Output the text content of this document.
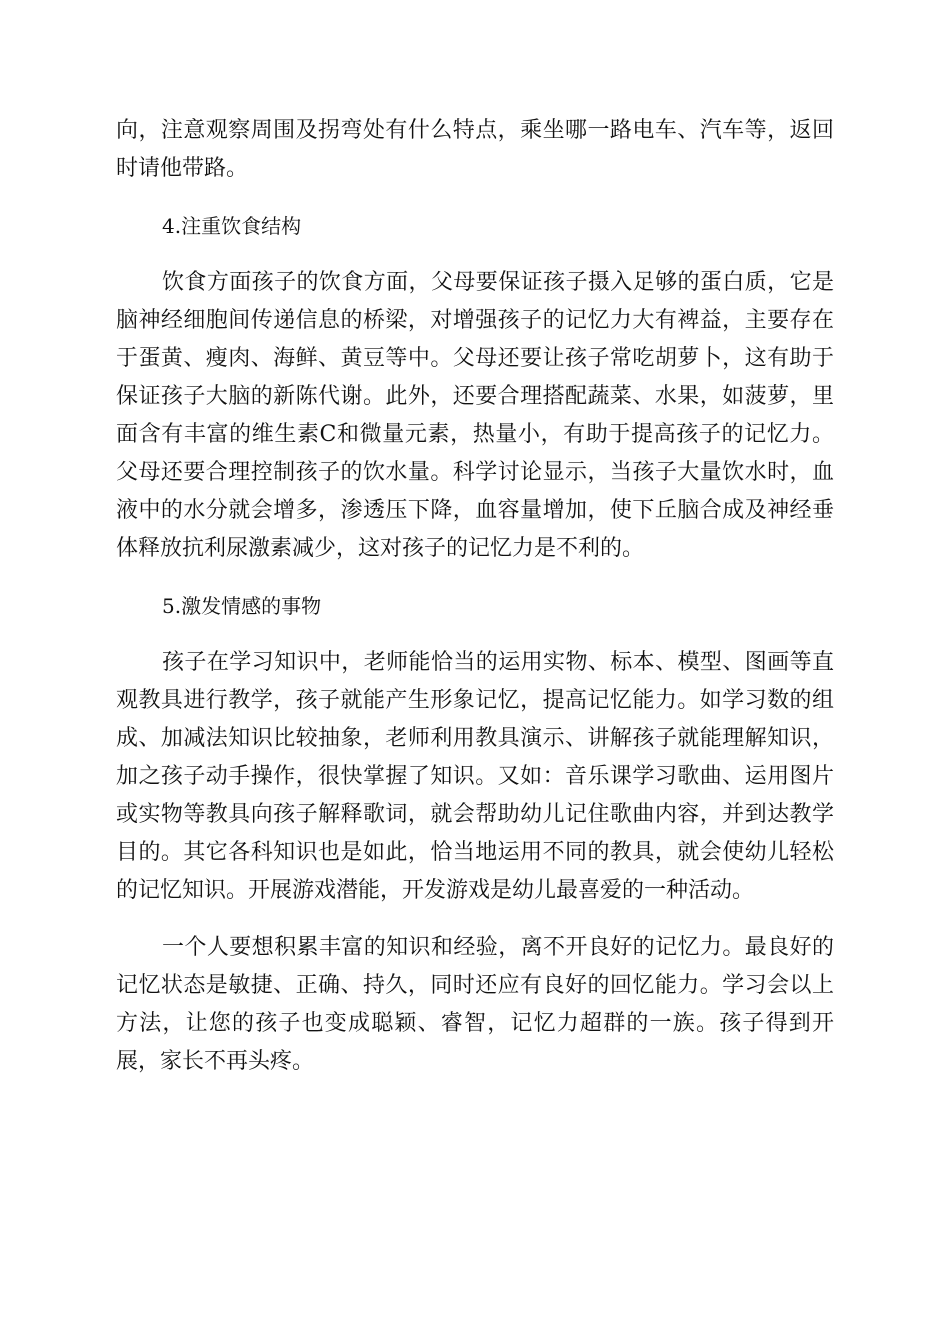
向，注意观察周围及拐弯处有什么特点，乘坐哪一路电车、汽车等，返回时请他带路。

4.注重饮食结构

饮食方面孩子的饮食方面，父母要保证孩子摄入足够的蛋白质，它是脑神经细胞间传递信息的桥梁，对增强孩子的记忆力大有裨益，主要存在于蛋黄、瘦肉、海鲜、黄豆等中。父母还要让孩子常吃胡萝卜，这有助于保证孩子大脑的新陈代谢。此外，还要合理搭配蔬菜、水果，如菠萝，里面含有丰富的维生素C和微量元素，热量小，有助于提高孩子的记忆力。父母还要合理控制孩子的饮水量。科学讨论显示，当孩子大量饮水时，血液中的水分就会增多，渗透压下降，血容量增加，使下丘脑合成及神经垂体释放抗利尿激素减少，这对孩子的记忆力是不利的。

5.激发情感的事物

孩子在学习知识中，老师能恰当的运用实物、标本、模型、图画等直观教具进行教学，孩子就能产生形象记忆，提高记忆能力。如学习数的组成、加减法知识比较抽象，老师利用教具演示、讲解孩子就能理解知识，加之孩子动手操作，很快掌握了知识。又如：音乐课学习歌曲、运用图片或实物等教具向孩子解释歌词，就会帮助幼儿记住歌曲内容，并到达教学目的。其它各科知识也是如此，恰当地运用不同的教具，就会使幼儿轻松的记忆知识。开展游戏潜能，开发游戏是幼儿最喜爱的一种活动。

一个人要想积累丰富的知识和经验，离不开良好的记忆力。最良好的记忆状态是敏捷、正确、持久，同时还应有良好的回忆能力。学习会以上方法，让您的孩子也变成聪颖、睿智，记忆力超群的一族。孩子得到开展，家长不再头疼。
